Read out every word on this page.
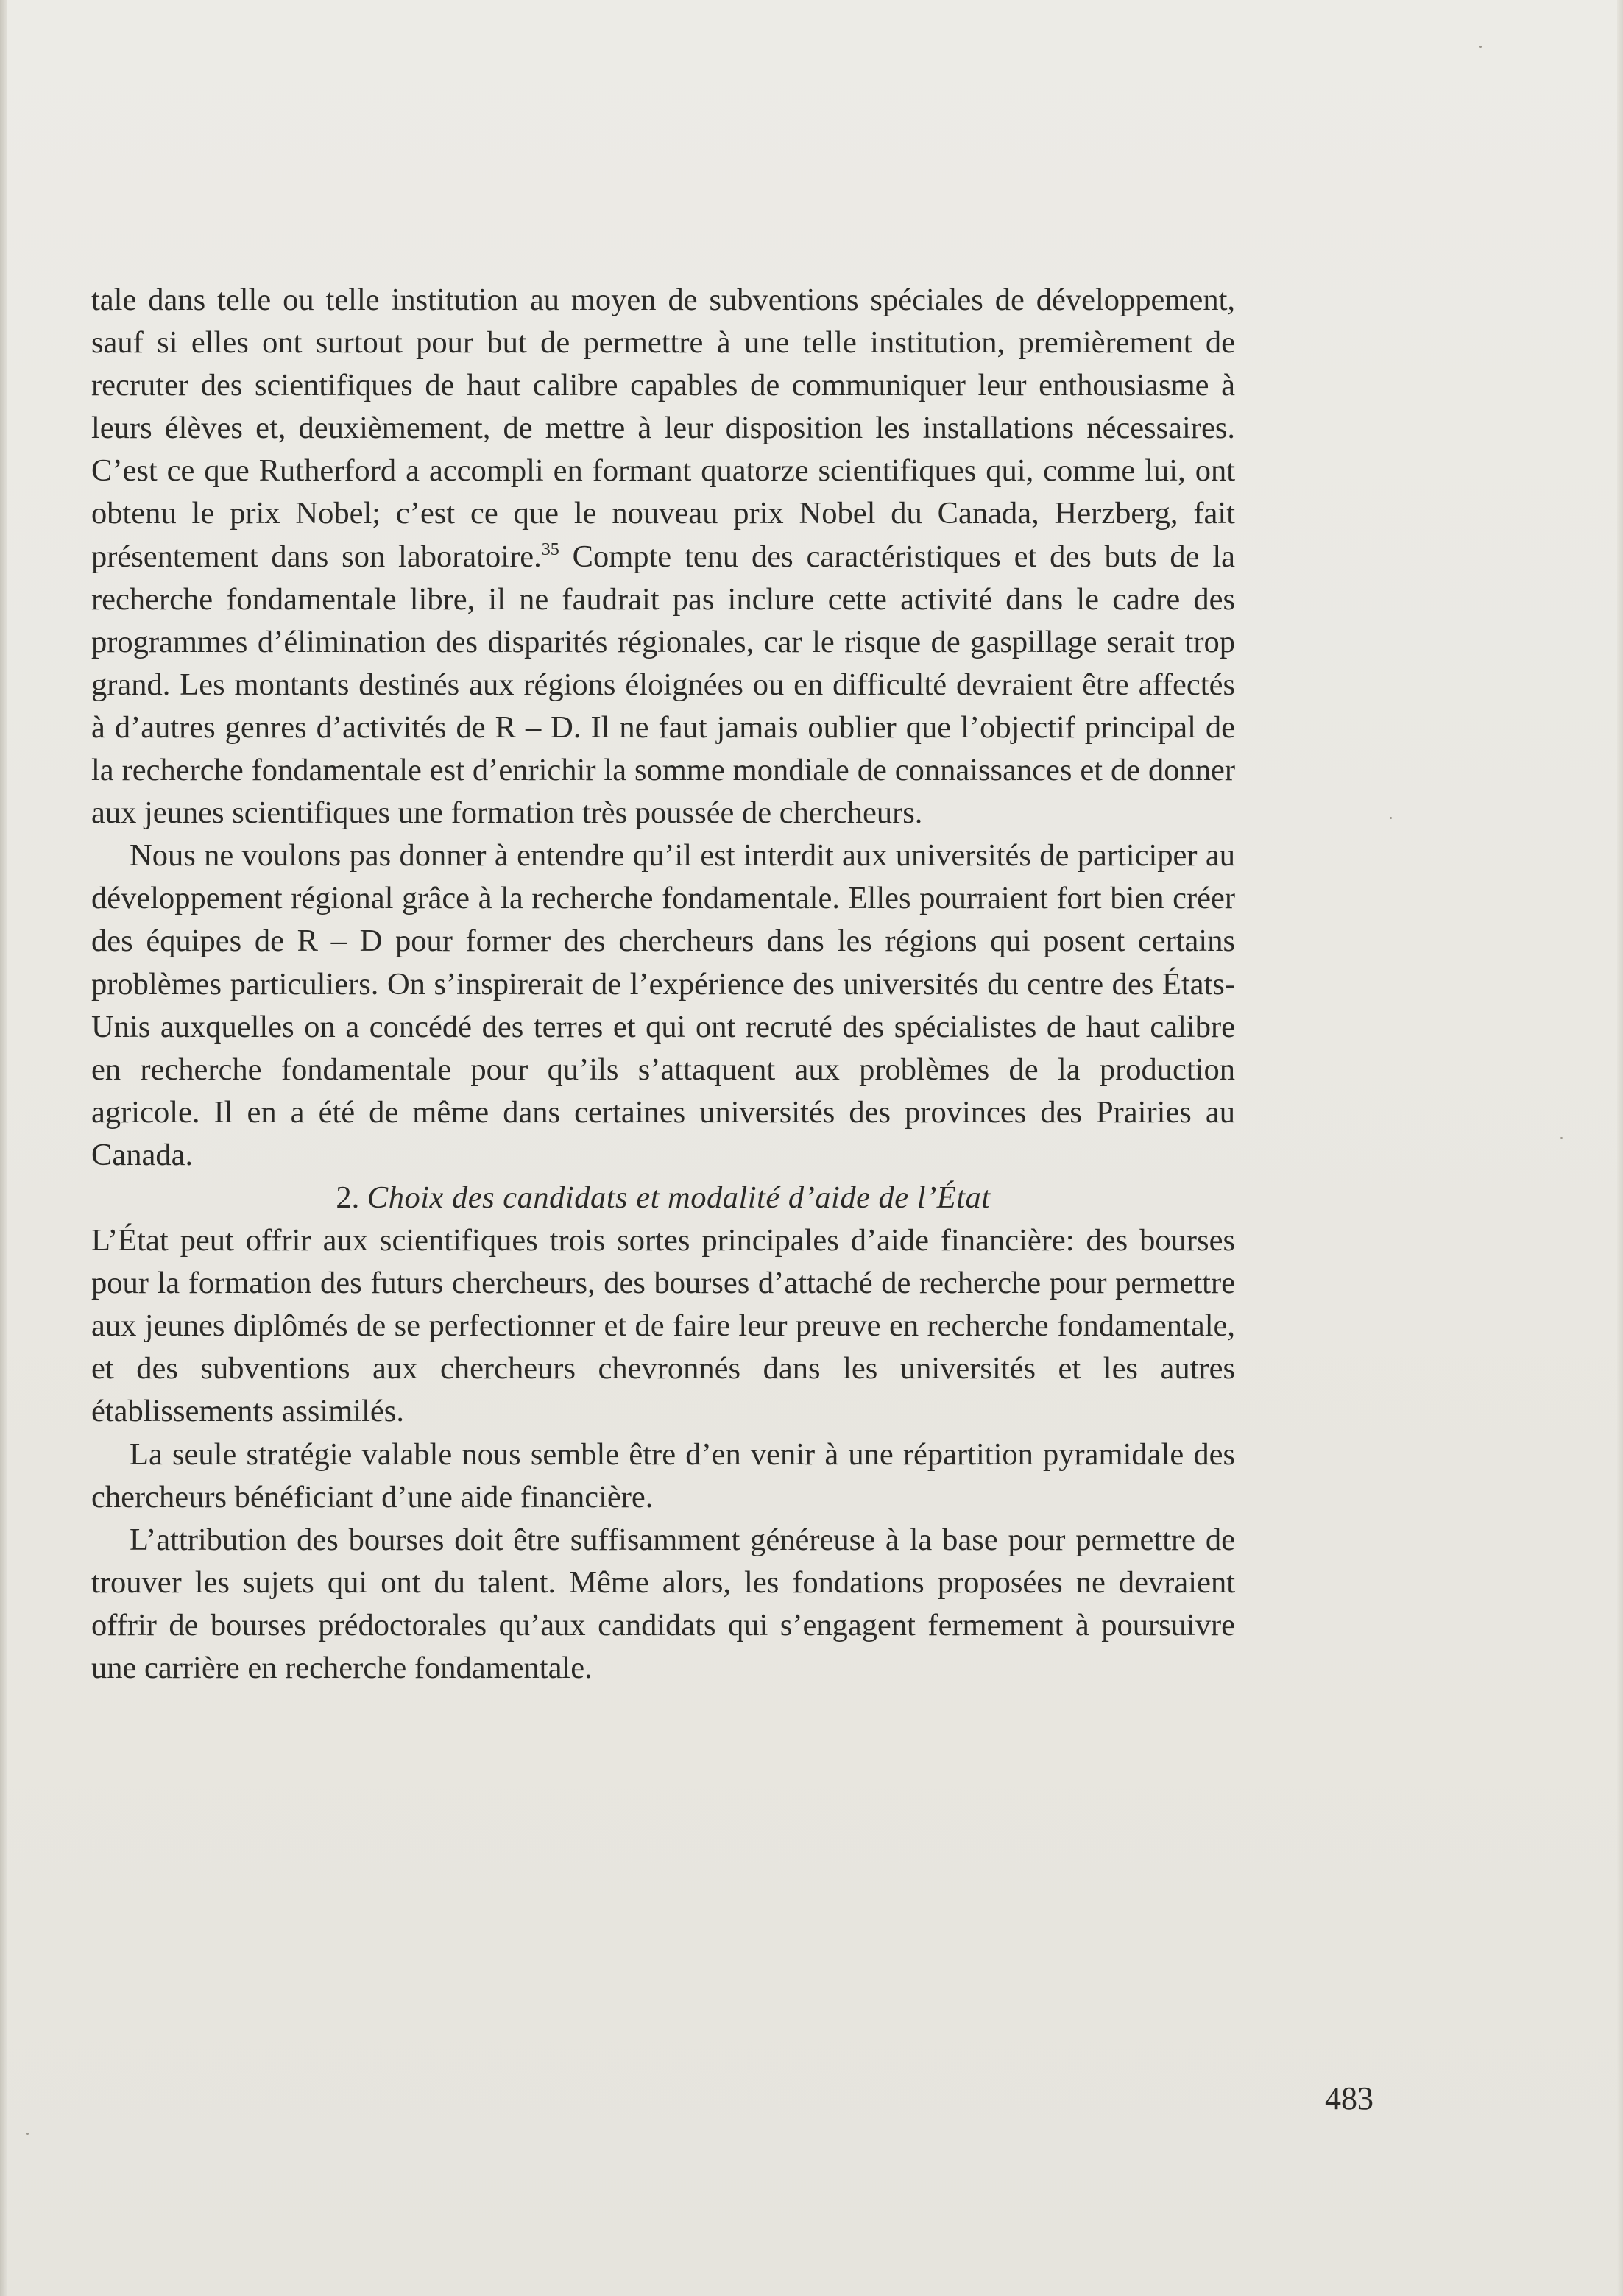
tale dans telle ou telle institution au moyen de subventions spéciales de développement, sauf si elles ont surtout pour but de permettre à une telle institution, premièrement de recruter des scientifiques de haut calibre capables de communiquer leur enthousiasme à leurs élèves et, deuxièmement, de mettre à leur disposition les installations nécessaires. C’est ce que Rutherford a accompli en formant quatorze scientifiques qui, comme lui, ont obtenu le prix Nobel; c’est ce que le nouveau prix Nobel du Canada, Herzberg, fait présentement dans son laboratoire.$^{35}$ Compte tenu des caractéristiques et des buts de la recherche fondamentale libre, il ne faudrait pas inclure cette activité dans le cadre des programmes d’élimination des disparités régionales, car le risque de gaspillage serait trop grand. Les montants destinés aux régions éloignées ou en difficulté devraient être affectés à d’autres genres d’activités de R – D. Il ne faut jamais oublier que l’objectif principal de la recherche fondamentale est d’enrichir la somme mondiale de connaissances et de donner aux jeunes scientifiques une formation très poussée de chercheurs.

Nous ne voulons pas donner à entendre qu’il est interdit aux universités de participer au développement régional grâce à la recherche fondamentale. Elles pourraient fort bien créer des équipes de R – D pour former des chercheurs dans les régions qui posent certains problèmes particuliers. On s’inspirerait de l’expérience des universités du centre des États-Unis auxquelles on a concédé des terres et qui ont recruté des spécialistes de haut calibre en recherche fondamentale pour qu’ils s’attaquent aux problèmes de la production agricole. Il en a été de même dans certaines universités des provinces des Prairies au Canada.

2. Choix des candidats et modalité d’aide de l’État

L’État peut offrir aux scientifiques trois sortes principales d’aide financière: des bourses pour la formation des futurs chercheurs, des bourses d’attaché de recherche pour permettre aux jeunes diplômés de se perfectionner et de faire leur preuve en recherche fondamentale, et des subventions aux chercheurs chevronnés dans les universités et les autres établissements assimilés.

La seule stratégie valable nous semble être d’en venir à une répartition pyramidale des chercheurs bénéficiant d’une aide financière.

L’attribution des bourses doit être suffisamment généreuse à la base pour permettre de trouver les sujets qui ont du talent. Même alors, les fondations proposées ne devraient offrir de bourses prédoctorales qu’aux candidats qui s’engagent fermement à poursuivre une carrière en recherche fondamentale.

483
